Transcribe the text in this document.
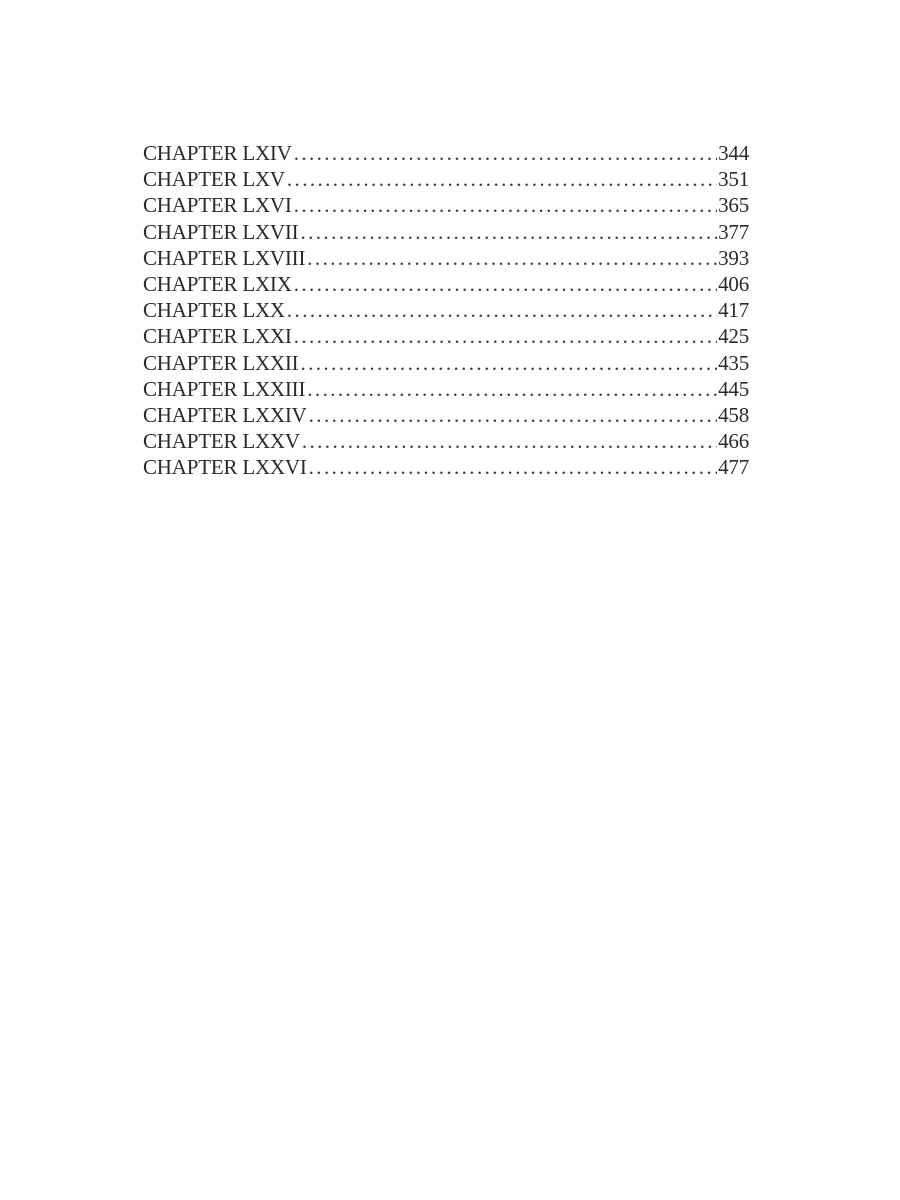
CHAPTER LXIV .....	344
CHAPTER LXV .....	351
CHAPTER LXVI .....	365
CHAPTER LXVII .....	377
CHAPTER LXVIII .....	393
CHAPTER LXIX .....	406
CHAPTER LXX .....	417
CHAPTER LXXI .....	425
CHAPTER LXXII .....	435
CHAPTER LXXIII .....	445
CHAPTER LXXIV .....	458
CHAPTER LXXV .....	466
CHAPTER LXXVI .....	477
